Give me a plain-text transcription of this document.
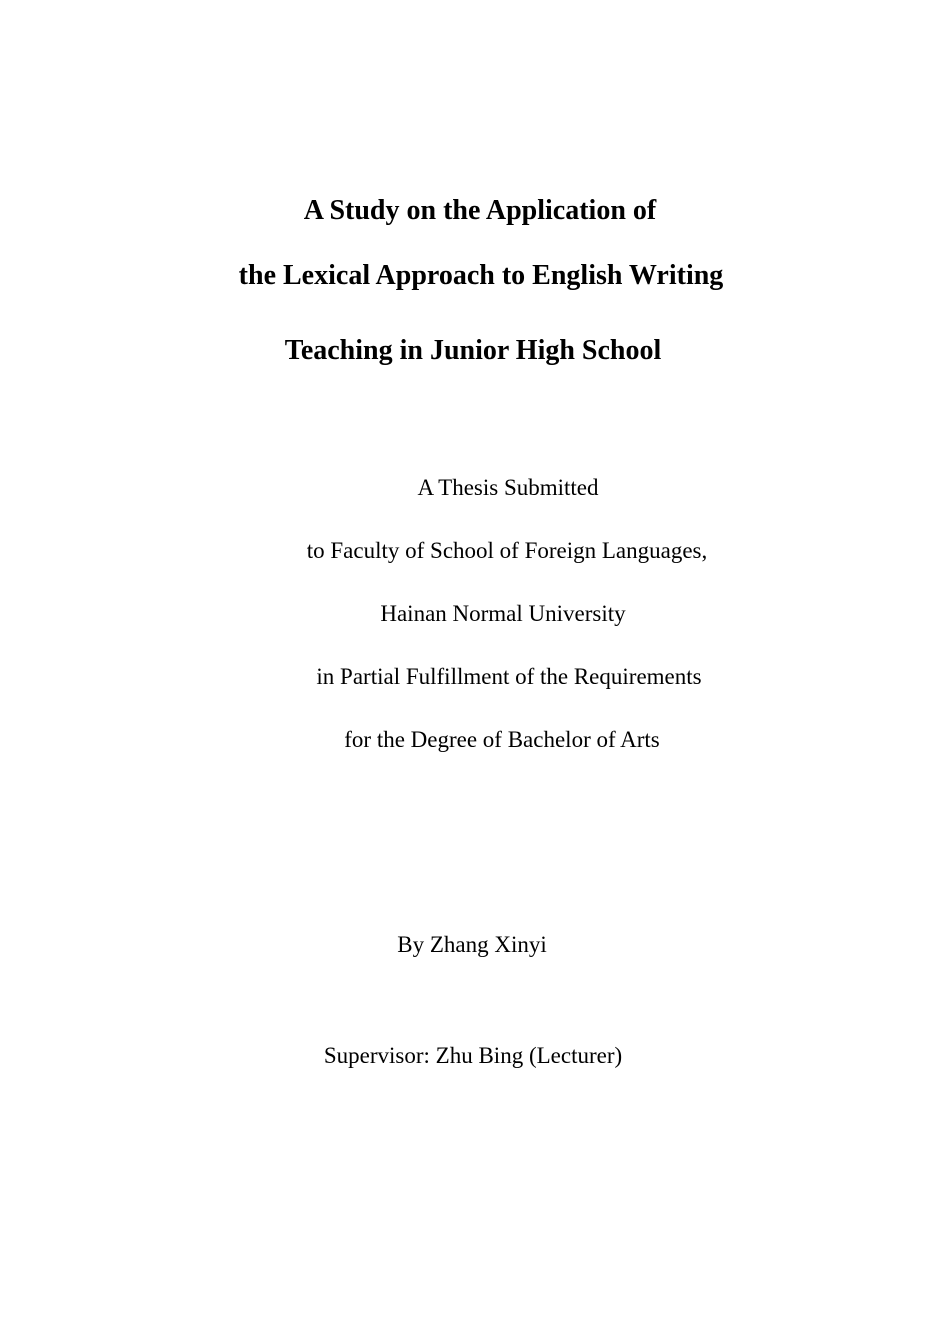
A Study on the Application of
the Lexical Approach to English Writing
Teaching in Junior High School
A Thesis Submitted
to Faculty of School of Foreign Languages,
Hainan Normal University
in Partial Fulfillment of the Requirements
for the Degree of Bachelor of Arts
By Zhang Xinyi
Supervisor: Zhu Bing (Lecturer)
